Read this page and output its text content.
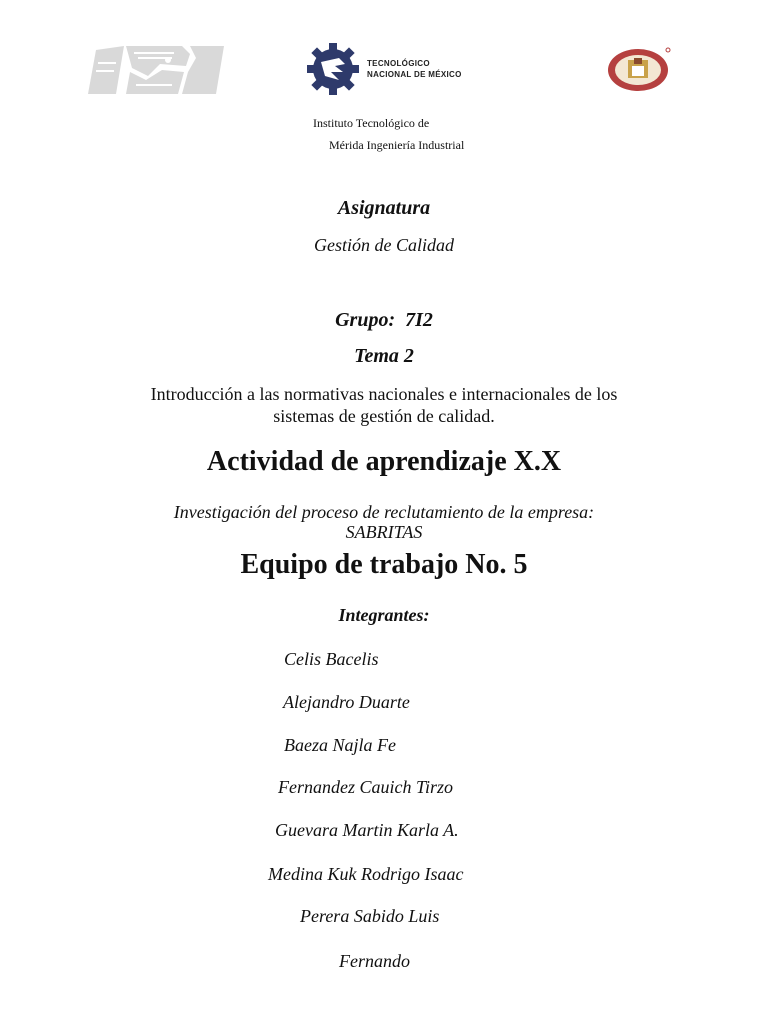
TECNOLÓGICO
NACIONAL DE MÉXICO
Instituto Tecnológico de
Mérida Ingeniería Industrial
Asignatura
Gestión de Calidad
Grupo: 7I2
Tema 2
Introducción a las normativas nacionales e internacionales de los
sistemas de gestión de calidad.
Actividad de aprendizaje X.X
Investigación del proceso de reclutamiento de la empresa:
SABRITAS
Equipo de trabajo No. 5
Integrantes:
Celis Bacelis
Alejandro Duarte
Baeza Najla Fe
Fernandez Cauich Tirzo
Guevara Martin Karla A.
Medina Kuk Rodrigo Isaac
Perera Sabido Luis
Fernando
